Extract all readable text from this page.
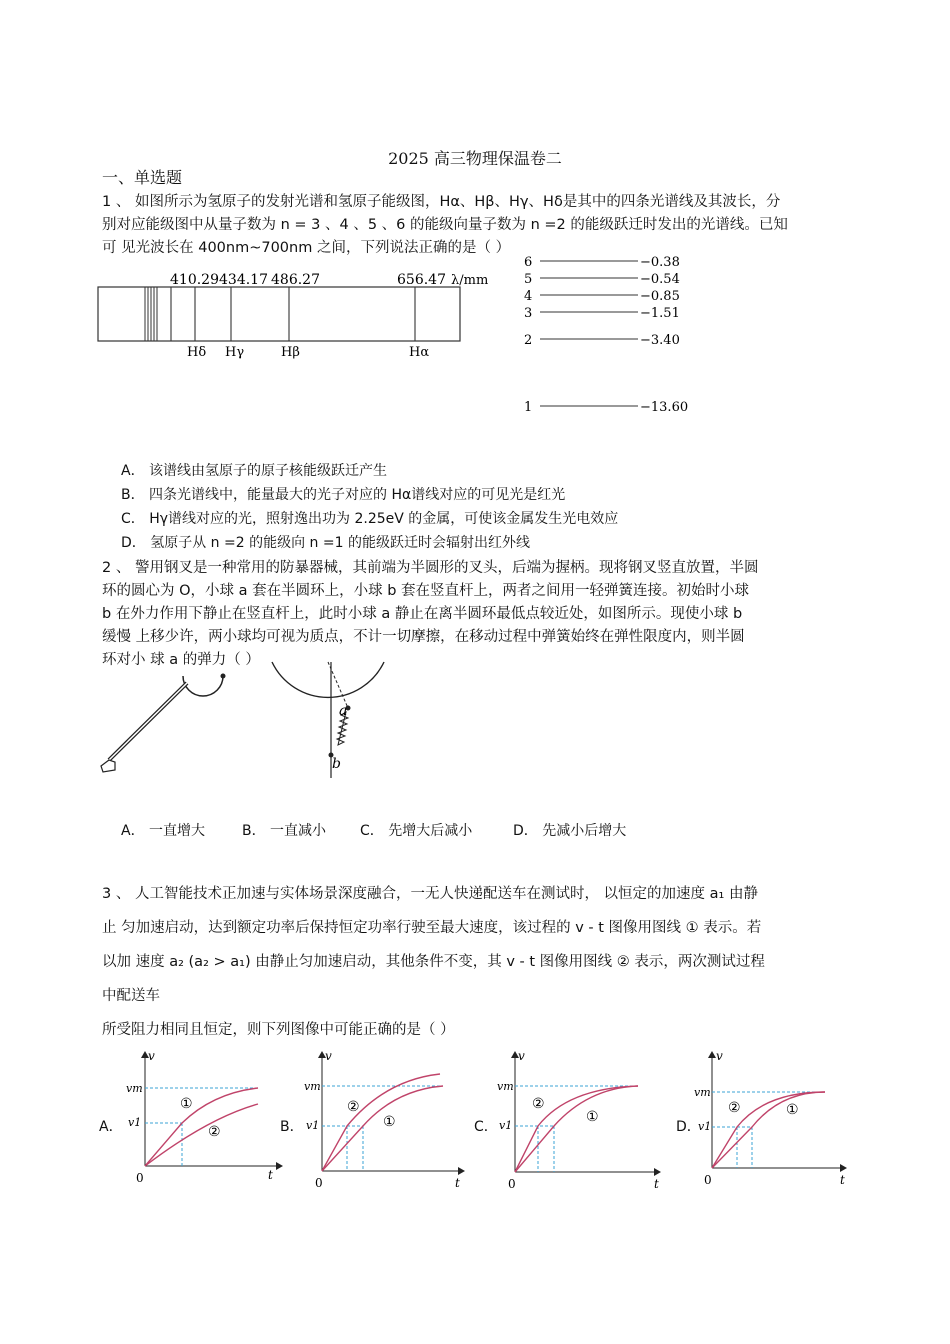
2025 高三物理保温卷二
一、单选题
1 、 如图所示为氢原子的发射光谱和氢原子能级图，Hα、Hβ、Hγ、Hδ是其中的四条光谱线及其波长，分
别对应能级图中从量子数为 n = 3 、4 、5 、6 的能级向量子数为 n =2 的能级跃迁时发出的光谱线。已知
可 见光波长在 400nm~700nm 之间，下列说法正确的是（ ）
410.29 434.17 486.27	656.47 λ/mm
Hδ Hγ	Hβ	Hα
6	−0.38
5	−0.54
4	−0.85
3	−1.51
2	−3.40
1	−13.60
A． 该谱线由氢原子的原子核能级跃迁产生
B． 四条光谱线中，能量最大的光子对应的 Hα谱线对应的可见光是红光
C． Hγ谱线对应的光，照射逸出功为 2.25eV 的金属，可使该金属发生光电效应
D． 氢原子从 n =2 的能级向 n =1 的能级跃迁时会辐射出红外线
2 、 警用钢叉是一种常用的防暴器械，其前端为半圆形的叉头，后端为握柄。现将钢叉竖直放置，半圆
环的圆心为 O，小球 a 套在半圆环上，小球 b 套在竖直杆上，两者之间用一轻弹簧连接。初始时小球
b 在外力作用下静止在竖直杆上，此时小球 a 静止在离半圆环最低点较近处，如图所示。现使小球 b
缓慢 上移少许，两小球均可视为质点，不计一切摩擦，在移动过程中弹簧始终在弹性限度内，则半圆
环对小 球 a 的弹力（ ）
a
b
A． 一直增大	B． 一直减小 C． 先增大后减小	D． 先减小后增大
3 、 人工智能技术正加速与实体场景深度融合，一无人快递配送车在测试时， 以恒定的加速度 a₁ 由静
止 匀加速启动，达到额定功率后保持恒定功率行驶至最大速度，该过程的 v - t 图像用图线 ① 表示。若
以加 速度 a₂ (a₂ > a₁) 由静止匀加速启动，其他条件不变，其 v - t 图像用图线 ② 表示，两次测试过程
中配送车
所受阻力相同且恒定，则下列图像中可能正确的是（ ）
A．	B．	C．	D．
v
t
0
vm
v1
①
②
v
t
0
vm
v1
②
①
v
t
0
vm
v1
②
①
v
t
0
vm
v1
②	①
